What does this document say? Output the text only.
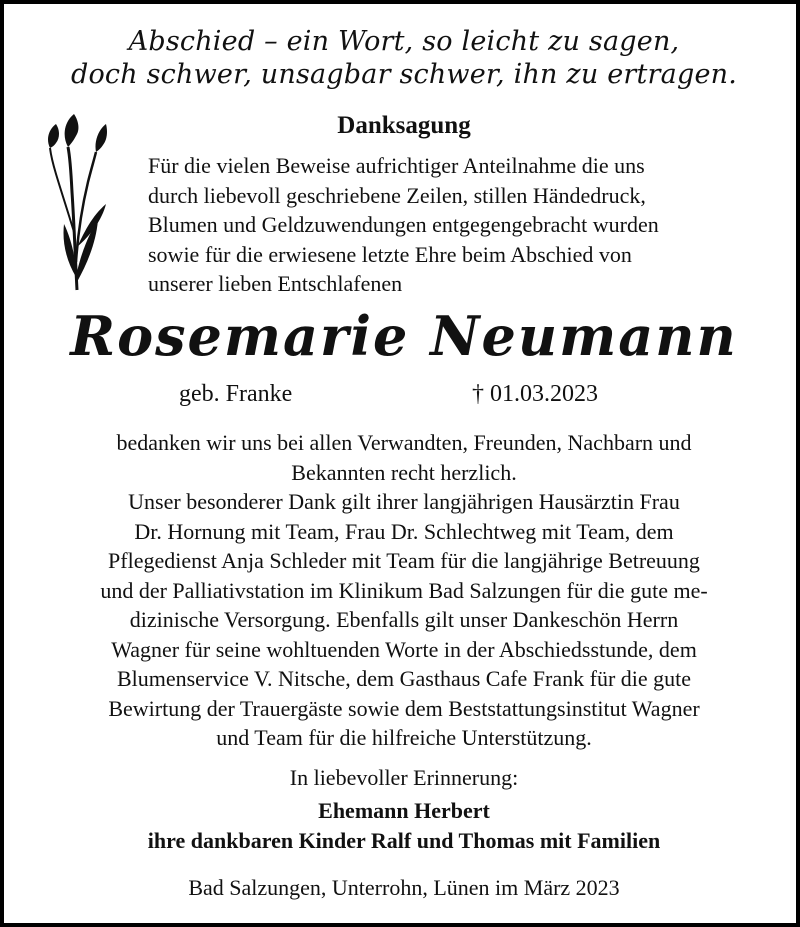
Abschied – ein Wort, so leicht zu sagen,
doch schwer, unsagbar schwer, ihn zu ertragen.
Danksagung
Für die vielen Beweise aufrichtiger Anteilnahme die uns
durch liebevoll geschriebene Zeilen, stillen Händedruck,
Blumen und Geldzuwendungen entgegengebracht wurden
sowie für die erwiesene letzte Ehre beim Abschied von
unserer lieben Entschlafenen
Rosemarie Neumann
geb. Franke	† 01.03.2023
bedanken wir uns bei allen Verwandten, Freunden, Nachbarn und
Bekannten recht herzlich.
Unser besonderer Dank gilt ihrer langjährigen Hausärztin Frau
Dr. Hornung mit Team, Frau Dr. Schlechtweg mit Team, dem
Pflegedienst Anja Schleder mit Team für die langjährige Betreuung
und der Palliativstation im Klinikum Bad Salzungen für die gute me-
dizinische Versorgung. Ebenfalls gilt unser Dankeschön Herrn
Wagner für seine wohltuenden Worte in der Abschiedsstunde, dem
Blumenservice V. Nitsche, dem Gasthaus Cafe Frank für die gute
Bewirtung der Trauergäste sowie dem Beststattungsinstitut Wagner
und Team für die hilfreiche Unterstützung.
In liebevoller Erinnerung:
Ehemann Herbert
ihre dankbaren Kinder Ralf und Thomas mit Familien
Bad Salzungen, Unterrohn, Lünen im März 2023
